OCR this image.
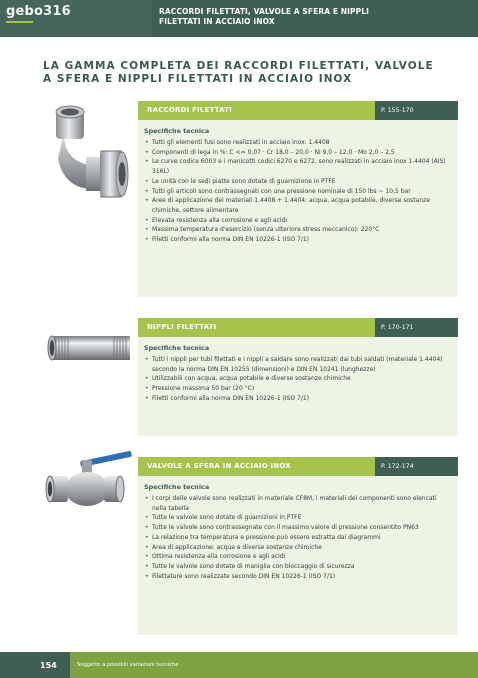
gebo316	RACCORDI FILETTATI, VALVOLE A SFERA E NIPPLI
FILETTATI IN ACCIAIO INOX
LA GAMMA COMPLETA DEI RACCORDI FILETTATI, VALVOLE
A SFERA E NIPPLI FILETTATI IN ACCIAIO INOX
RACCORDI FILETTATI	P. 155-170
Specifiche tecnica
• Tutti gli elementi fusi sono realizzati in acciaio inox: 1.4408
• Componenti di lega in %: C <= 0,07 · Cr 18,0 – 20,0 · Ni 9,0 – 12,0 · Mo 2,0 – 2,5
• Le curve codice 6003 e i manicotti codici 6270 e 6272, sono realizzati in acciaio inox 1.4404 (AISI 316L)
• Le unità con le sedi piatte sono dotate di guarnizione in PTFE
• Tutti gli articoli sono contrassegnati con una pressione nominale di 150 lbs ~ 10,5 bar
• Aree di applicazione dei materiali 1.4408 + 1.4404: acqua, acqua potabile, diverse sostanze chimiche, settore alimentare
• Elevata resistenza alla corrosione e agli acidi
• Massima temperatura d'esercizio (senza ulteriore stress meccanico): 220°C
• Filetti conformi alla norma DIN EN 10226-1 (ISO 7/1)
NIPPLI FILETTATI	P. 170-171
Specifiche tecnica
• Tutti i nippli per tubi filettati e i nippli a saldare sono realizzati dai tubi saldati (materiale 1.4404) secondo la norma DIN EN 10255 (dimensioni) e DIN EN 10241 (lunghezze)
• Utilizzabili con acqua, acqua potabile e diverse sostanze chimiche
• Pressione massima 50 bar (20 °C)
• Filetti conformi alla norma DIN EN 10226-1 (ISO 7/1)
VALVOLE A SFERA IN ACCIAIO INOX	P. 172-174
Specifiche tecnica
• I corpi delle valvole sono realizzati in materiale CF8M, i materiali dei componenti sono elencati nella tabella
• Tutte le valvole sono dotate di guarnizioni in PTFE
• Tutte le valvole sono contrassegnate con il massimo valore di pressione consentito PN63
• La relazione tra temperatura e pressione può essere estratta dai diagrammi
• Area di applicazione: acqua e diverse sostanze chimiche
• Ottima resistenza alla corrosione e agli acidi
• Tutte le valvole sono dotate di maniglia con bloccaggio di sicurezza
• Filettature sono realizzate secondo DIN EN 10226-1 (ISO 7/1)
154	Soggetto a possibili variazioni tecniche
